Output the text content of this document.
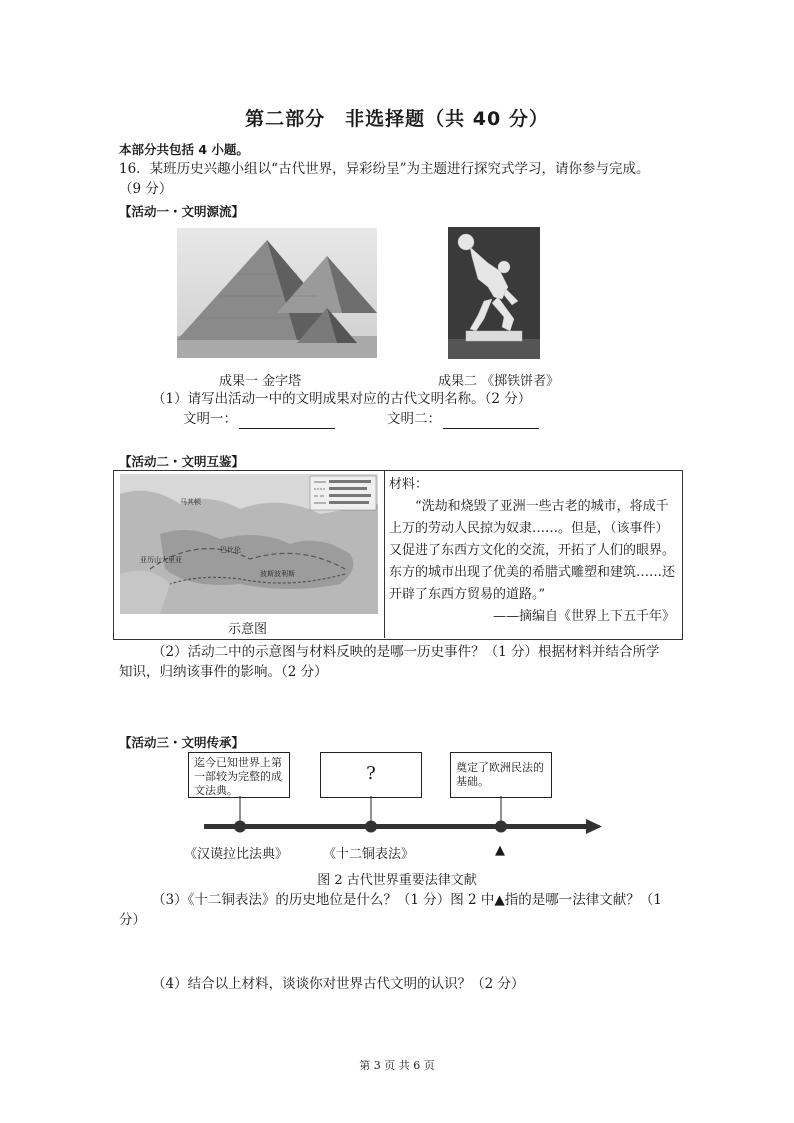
第二部分　非选择题（共 40 分）
本部分共包括 4 小题。
16．某班历史兴趣小组以“古代世界，异彩纷呈”为主题进行探究式学习，请你参与完成。
（9 分）
【活动一・文明源流】
成果一 金字塔	成果二 《掷铁饼者》
（1）请写出活动一中的文明成果对应的古代文明名称。（2 分）
文明一：	文明二：
【活动二・文明互鉴】
马其顿
巴比伦
亚历山大里亚
波斯波利斯
示意图

材料：

“洗劫和烧毁了亚洲一些古老的城市，将成千上万的劳动人民掠为奴隶……。但是，（该事件）又促进了东西方文化的交流，开拓了人们的眼界。东方的城市出现了优美的希腊式雕塑和建筑……还开辟了东西方贸易的道路。”

——摘编自《世界上下五千年》

（2）活动二中的示意图与材料反映的是哪一历史事件？（1 分）根据材料并结合所学
知识，归纳该事件的影响。（2 分）
【活动三・文明传承】
迄今已知世界上第一部较为完整的成文法典。
?	奠定了欧洲民法的基础。
《汉谟拉比法典》	《十二铜表法》	▲
图 2 古代世界重要法律文献
（3）《十二铜表法》的历史地位是什么？（1 分）图 2 中▲指的是哪一法律文献？（1
分）
（4）结合以上材料，谈谈你对世界古代文明的认识？（2 分）
第 3 页 共 6 页
